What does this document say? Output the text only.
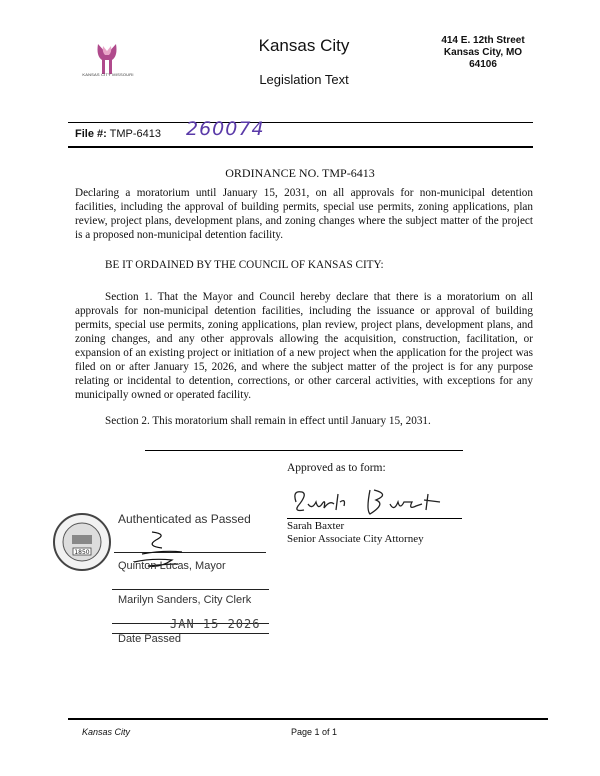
KANSAS CITY MISSOURI
Kansas City
Legislation Text
414 E. 12th Street
Kansas City, MO
64106
File #: TMP-6413 260074
ORDINANCE NO. TMP-6413
Declaring a moratorium until January 15, 2031, on all approvals for non-municipal detention facilities, including the approval of building permits, special use permits, zoning applications, plan review, project plans, development plans, and zoning changes where the subject matter of the project is a proposed non-municipal detention facility.
BE IT ORDAINED BY THE COUNCIL OF KANSAS CITY:
Section 1. That the Mayor and Council hereby declare that there is a moratorium on all approvals for non-municipal detention facilities, including the issuance or approval of building permits, special use permits, zoning applications, plan review, project plans, development plans, and zoning changes, and any other approvals allowing the acquisition, construction, facilitation, or expansion of an existing project or initiation of a new project when the application for the project was filed on or after January 15, 2026, and where the subject matter of the project is for any purpose relating or incidental to detention, corrections, or other carceral activities, with exceptions for any municipally owned or operated facility.
Section 2. This moratorium shall remain in effect until January 15, 2031.
Approved as to form:
Sarah Baxter
Senior Associate City Attorney
1850
Authenticated as Passed
Quinton Lucas, Mayor
Marilyn Sanders, City Clerk
JAN 15 2026
Date Passed
Kansas City	Page 1 of 1
